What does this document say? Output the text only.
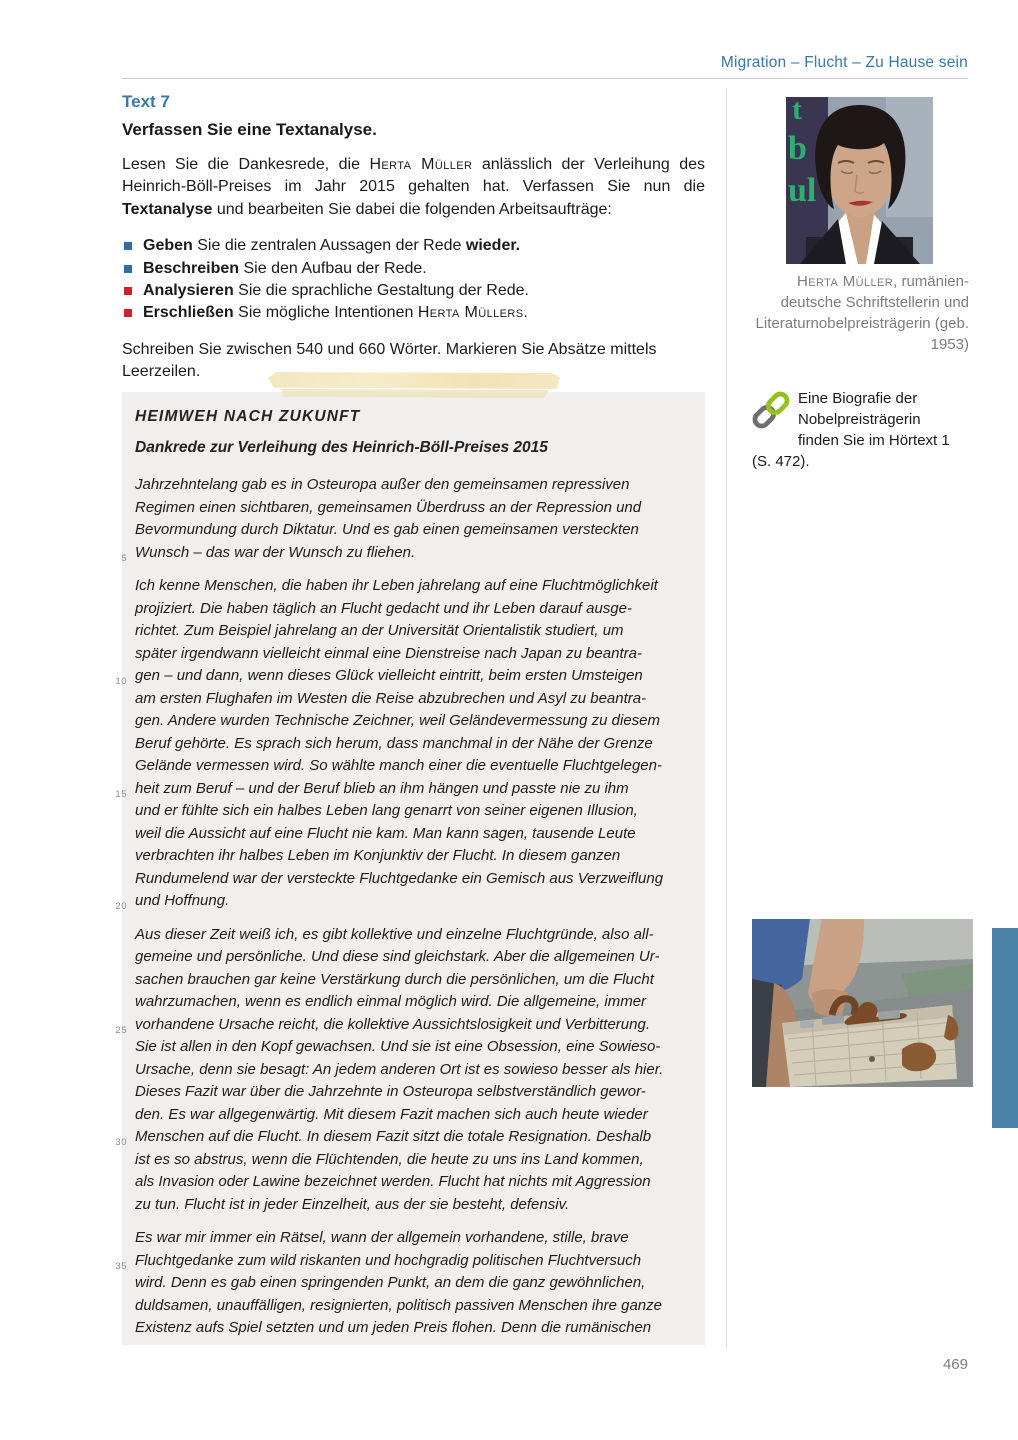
Migration – Flucht – Zu Hause sein

Text 7

Verfassen Sie eine Textanalyse.

Lesen Sie die Dankesrede, die Herta Müller anlässlich der Verleihung des Heinrich-Böll-Preises im Jahr 2015 gehalten hat. Verfassen Sie nun die Textanalyse und bearbeiten Sie dabei die folgenden Arbeitsaufträge:

Geben Sie die zentralen Aussagen der Rede wieder.
Beschreiben Sie den Aufbau der Rede.
Analysieren Sie die sprachliche Gestaltung der Rede.
Erschließen Sie mögliche Intentionen Herta Müllers.

Schreiben Sie zwischen 540 und 660 Wörter. Markieren Sie Absätze mittels Leerzeilen.

HEIMWEH NACH ZUKUNFT

Dankrede zur Verleihung des Heinrich-Böll-Preises 2015

Jahrzehntelang gab es in Osteuropa außer den gemeinsamen repressiven
Regimen einen sichtbaren, gemeinsamen Überdruss an der Repression und
Bevormundung durch Diktatur. Und es gab einen gemeinsamen versteckten
5 Wunsch – das war der Wunsch zu fliehen.
Ich kenne Menschen, die haben ihr Leben jahrelang auf eine Fluchtmöglichkeit
projiziert. Die haben täglich an Flucht gedacht und ihr Leben darauf ausge-
richtet. Zum Beispiel jahrelang an der Universität Orientalistik studiert, um
später irgendwann vielleicht einmal eine Dienstreise nach Japan zu beantra-
10 gen – und dann, wenn dieses Glück vielleicht eintritt, beim ersten Umsteigen
am ersten Flughafen im Westen die Reise abzubrechen und Asyl zu beantra-
gen. Andere wurden Technische Zeichner, weil Geländevermessung zu diesem
Beruf gehörte. Es sprach sich herum, dass manchmal in der Nähe der Grenze
Gelände vermessen wird. So wählte manch einer die eventuelle Fluchtgelegen-
15 heit zum Beruf – und der Beruf blieb an ihm hängen und passte nie zu ihm
und er fühlte sich ein halbes Leben lang genarrt von seiner eigenen Illusion,
weil die Aussicht auf eine Flucht nie kam. Man kann sagen, tausende Leute
verbrachten ihr halbes Leben im Konjunktiv der Flucht. In diesem ganzen
Rundumelend war der versteckte Fluchtgedanke ein Gemisch aus Verzweiflung
20 und Hoffnung.
Aus dieser Zeit weiß ich, es gibt kollektive und einzelne Fluchtgründe, also all-
gemeine und persönliche. Und diese sind gleichstark. Aber die allgemeinen Ur-
sachen brauchen gar keine Verstärkung durch die persönlichen, um die Flucht
wahrzumachen, wenn es endlich einmal möglich wird. Die allgemeine, immer
25 vorhandene Ursache reicht, die kollektive Aussichtslosigkeit und Verbitterung.
Sie ist allen in den Kopf gewachsen. Und sie ist eine Obsession, eine Sowieso-
Ursache, denn sie besagt: An jedem anderen Ort ist es sowieso besser als hier.
Dieses Fazit war über die Jahrzehnte in Osteuropa selbstverständlich gewor-
den. Es war allgegenwärtig. Mit diesem Fazit machen sich auch heute wieder
30 Menschen auf die Flucht. In diesem Fazit sitzt die totale Resignation. Deshalb
ist es so abstrus, wenn die Flüchtenden, die heute zu uns ins Land kommen,
als Invasion oder Lawine bezeichnet werden. Flucht hat nichts mit Aggression
zu tun. Flucht ist in jeder Einzelheit, aus der sie besteht, defensiv.
Es war mir immer ein Rätsel, wann der allgemein vorhandene, stille, brave
35 Fluchtgedanke zum wild riskanten und hochgradig politischen Fluchtversuch
wird. Denn es gab einen springenden Punkt, an dem die ganz gewöhnlichen,
duldsamen, unauffälligen, resignierten, politisch passiven Menschen ihre ganze
Existenz aufs Spiel setzten und um jeden Preis flohen. Denn die rumänischen
t
b
ul
Herta Müller, rumänien-deutsche Schriftstellerin und Literaturnobelpreisträgerin (geb. 1953)
Eine Biografie der Nobelpreisträgerin finden Sie im Hörtext 1 (S. 472).
469
